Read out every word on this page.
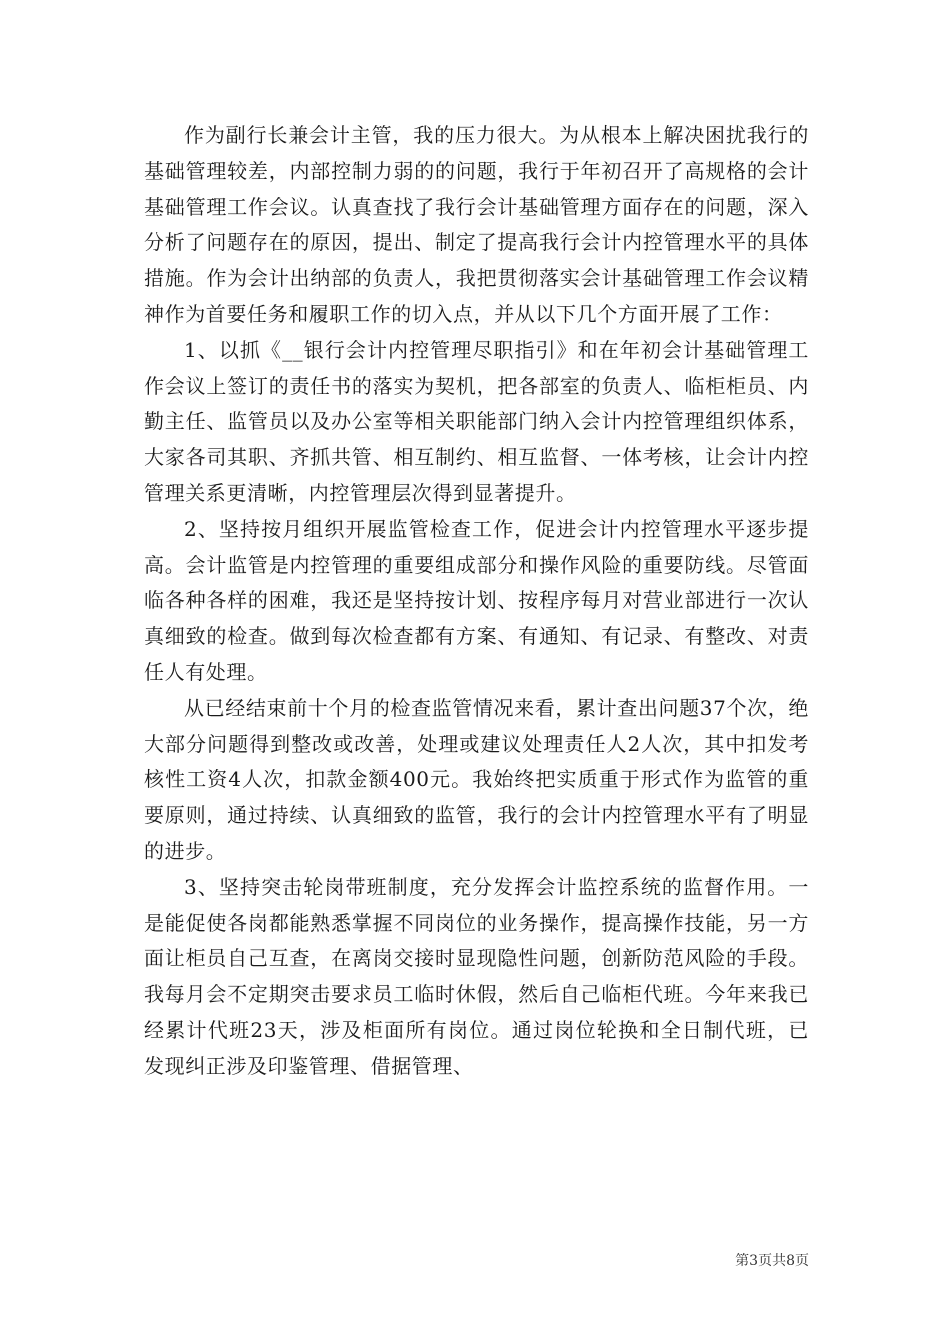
作为副行长兼会计主管，我的压力很大。为从根本上解决困扰我行的基础管理较差，内部控制力弱的的问题，我行于年初召开了高规格的会计基础管理工作会议。认真查找了我行会计基础管理方面存在的问题，深入分析了问题存在的原因，提出、制定了提高我行会计内控管理水平的具体措施。作为会计出纳部的负责人，我把贯彻落实会计基础管理工作会议精神作为首要任务和履职工作的切入点，并从以下几个方面开展了工作：

1、以抓《__银行会计内控管理尽职指引》和在年初会计基础管理工作会议上签订的责任书的落实为契机，把各部室的负责人、临柜柜员、内勤主任、监管员以及办公室等相关职能部门纳入会计内控管理组织体系，大家各司其职、齐抓共管、相互制约、相互监督、一体考核，让会计内控管理关系更清晰，内控管理层次得到显著提升。

2、坚持按月组织开展监管检查工作，促进会计内控管理水平逐步提高。会计监管是内控管理的重要组成部分和操作风险的重要防线。尽管面临各种各样的困难，我还是坚持按计划、按程序每月对营业部进行一次认真细致的检查。做到每次检查都有方案、有通知、有记录、有整改、对责任人有处理。

从已经结束前十个月的检查监管情况来看，累计查出问题37个次，绝大部分问题得到整改或改善，处理或建议处理责任人2人次，其中扣发考核性工资4人次，扣款金额400元。我始终把实质重于形式作为监管的重要原则，通过持续、认真细致的监管，我行的会计内控管理水平有了明显的进步。

3、坚持突击轮岗带班制度，充分发挥会计监控系统的监督作用。一是能促使各岗都能熟悉掌握不同岗位的业务操作，提高操作技能，另一方面让柜员自己互查，在离岗交接时显现隐性问题，创新防范风险的手段。我每月会不定期突击要求员工临时休假，然后自己临柜代班。今年来我已经累计代班23天，涉及柜面所有岗位。通过岗位轮换和全日制代班，已发现纠正涉及印鉴管理、借据管理、

第3页共8页
